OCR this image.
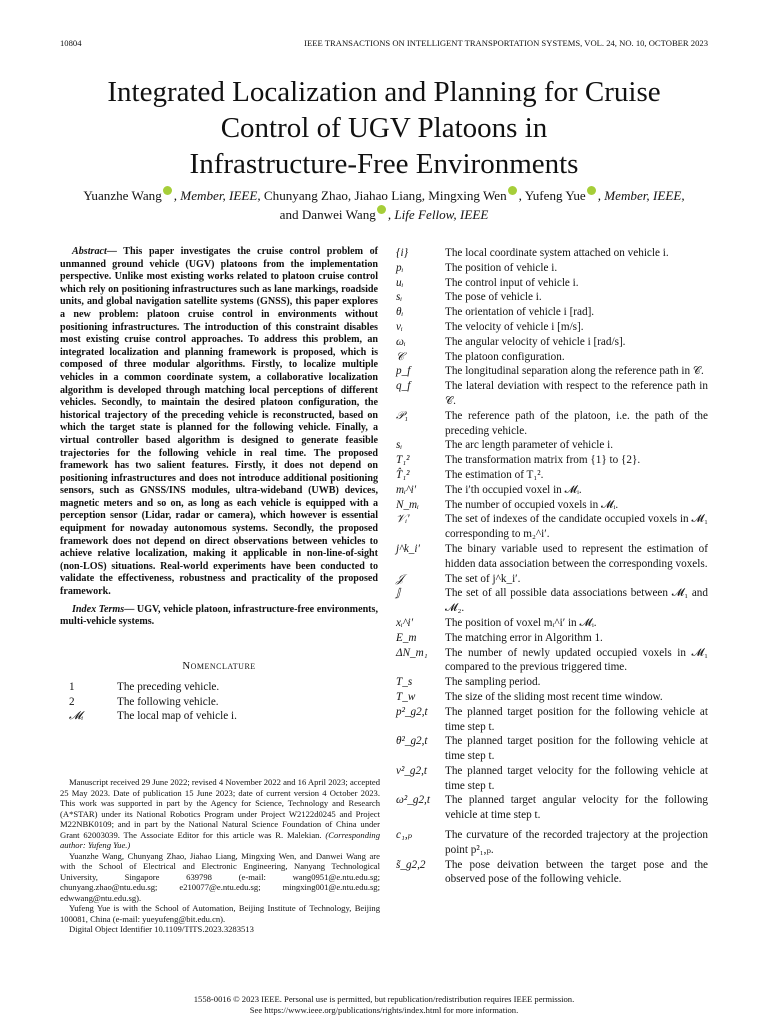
10804	IEEE TRANSACTIONS ON INTELLIGENT TRANSPORTATION SYSTEMS, VOL. 24, NO. 10, OCTOBER 2023
Integrated Localization and Planning for Cruise
Control of UGV Platoons in
Infrastructure-Free Environments
Yuanzhe Wang , Member, IEEE, Chunyang Zhao, Jiahao Liang, Mingxing Wen , Yufeng Yue , Member, IEEE,
and Danwei Wang , Life Fellow, IEEE

Abstract— This paper investigates the cruise control problem of unmanned ground vehicle (UGV) platoons from the implementation perspective. Unlike most existing works related to platoon cruise control which rely on positioning infrastructures such as lane markings, roadside units, and global navigation satellite systems (GNSS), this paper explores a new problem: platoon cruise control in environments without positioning infrastructures. The introduction of this constraint disables most existing cruise control approaches. To address this problem, an integrated localization and planning framework is proposed, which is composed of three modular algorithms. Firstly, to localize multiple vehicles in a common coordinate system, a collaborative localization algorithm is developed through matching local perceptions of different vehicles. Secondly, to maintain the desired platoon configuration, the historical trajectory of the preceding vehicle is reconstructed, based on which the target state is planned for the following vehicle. Finally, a virtual controller based algorithm is designed to generate feasible trajectories for the following vehicle in real time. The proposed framework has two salient features. Firstly, it does not depend on positioning infrastructures and does not introduce additional positioning sensors, such as GNSS/INS modules, ultra-wideband (UWB) devices, magnetic meters and so on, as long as each vehicle is equipped with a perception sensor (Lidar, radar or camera), which however is essential equipment for nowaday autonomous systems. Secondly, the proposed framework does not depend on direct observations between vehicles to achieve relative localization, making it applicable in non-line-of-sight (non-LOS) situations. Real-world experiments have been conducted to validate the effectiveness, robustness and practicality of the proposed framework.

Index Terms— UGV, vehicle platoon, infrastructure-free environments, multi-vehicle systems.

Nomenclature
1	The preceding vehicle.
2	The following vehicle.
𝓜ᵢ	The local map of vehicle i.

Manuscript received 29 June 2022; revised 4 November 2022 and 16 April 2023; accepted 25 May 2023. Date of publication 15 June 2023; date of current version 4 October 2023. This work was supported in part by the Agency for Science, Technology and Research (A*STAR) under its National Robotics Program under Project W2122d0245 and Project M22NBK0109; and in part by the National Natural Science Foundation of China under Grant 62003039. The Associate Editor for this article was R. Malekian. (Corresponding author: Yufeng Yue.)

Yuanzhe Wang, Chunyang Zhao, Jiahao Liang, Mingxing Wen, and Danwei Wang are with the School of Electrical and Electronic Engineering, Nanyang Technological University, Singapore 639798 (e-mail: wang0951@e.ntu.edu.sg; chunyang.zhao@ntu.edu.sg; e210077@e.ntu.edu.sg; mingxing001@e.ntu.edu.sg; edwwang@ntu.edu.sg).

Yufeng Yue is with the School of Automation, Beijing Institute of Technology, Beijing 100081, China (e-mail: yueyufeng@bit.edu.cn).

Digital Object Identifier 10.1109/TITS.2023.3283513

{i}	The local coordinate system attached on vehicle i.
pᵢ	The position of vehicle i.
uᵢ	The control input of vehicle i.
sᵢ	The pose of vehicle i.
θᵢ	The orientation of vehicle i [rad].
vᵢ	The velocity of vehicle i [m/s].
ωᵢ	The angular velocity of vehicle i [rad/s].
𝒞	The platoon configuration.
p_f	The longitudinal separation along the reference path in 𝒞.
q_f	The lateral deviation with respect to the reference path in 𝒞.
𝒫₁	The reference path of the platoon, i.e. the path of the preceding vehicle.
sᵢ	The arc length parameter of vehicle i.
T₁²	The transformation matrix from {1} to {2}.
T̂₁²	The estimation of T₁².
mᵢ^i′	The i′th occupied voxel in 𝓜ᵢ.
N_mᵢ	The number of occupied voxels in 𝓜ᵢ.
𝒱ᵢ′	The set of indexes of the candidate occupied voxels in 𝓜₁ corresponding to m₂^i′.
j^k_i′	The binary variable used to represent the estimation of hidden data association between the corresponding voxels.
𝒥	The set of j^k_i′.
𝕁	The set of all possible data associations between 𝓜₁ and 𝓜₂.
xᵢ^i′	The position of voxel mᵢ^i′ in 𝓜ᵢ.
E_m	The matching error in Algorithm 1.
ΔN_m₁	The number of newly updated occupied voxels in 𝓜₁ compared to the previous triggered time.
T_s	The sampling period.
T_w	The size of the sliding most recent time window.
p²_g2,t	The planned target position for the following vehicle at time step t.
θ²_g2,t	The planned target position for the following vehicle at time step t.
v²_g2,t	The planned target velocity for the following vehicle at time step t.
ω²_g2,t	The planned target angular velocity for the following vehicle at time step t.
c₁,ₚ	The curvature of the recorded trajectory at the projection point p²₁,ₚ.
s̃_g2,2	The pose deivation between the target pose and the observed pose of the following vehicle.
1558-0016 © 2023 IEEE. Personal use is permitted, but republication/redistribution requires IEEE permission.
See https://www.ieee.org/publications/rights/index.html for more information.
